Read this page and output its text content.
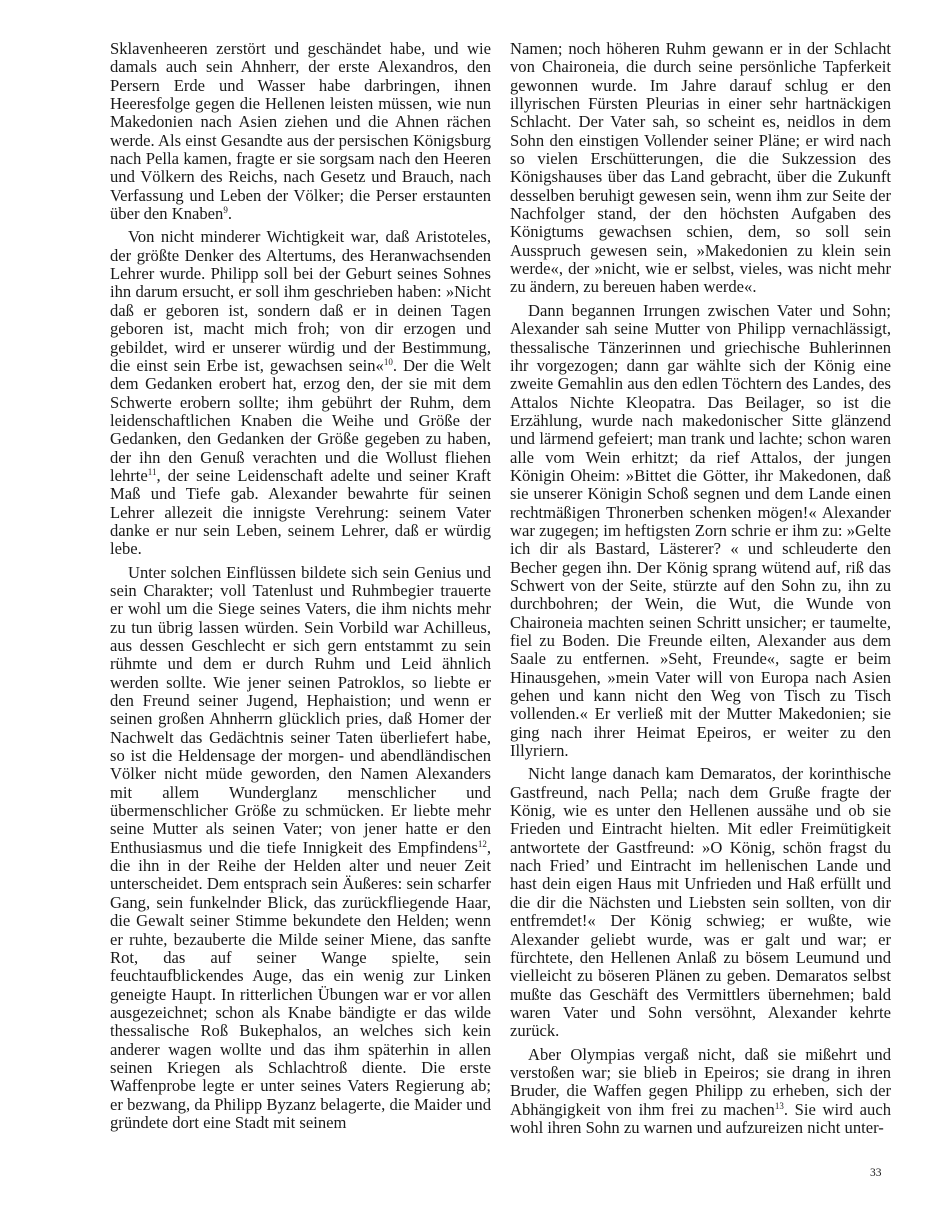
Sklavenheeren zerstört und geschändet habe, und wie damals auch sein Ahnherr, der erste Alexandros, den Persern Erde und Wasser habe darbringen, ihnen Heeresfolge gegen die Hellenen leisten müssen, wie nun Makedonien nach Asien ziehen und die Ahnen rächen werde. Als einst Gesandte aus der persischen Königsburg nach Pella kamen, fragte er sie sorgsam nach den Heeren und Völkern des Reichs, nach Gesetz und Brauch, nach Verfassung und Leben der Völker; die Perser erstaunten über den Knaben$^9$.

Von nicht minderer Wichtigkeit war, daß Aristoteles, der größte Denker des Altertums, des Heranwachsenden Lehrer wurde. Philipp soll bei der Geburt seines Sohnes ihn darum ersucht, er soll ihm geschrieben haben: »Nicht daß er geboren ist, sondern daß er in deinen Tagen geboren ist, macht mich froh; von dir erzogen und gebildet, wird er unserer würdig und der Bestimmung, die einst sein Erbe ist, gewachsen sein«$^{10}$. Der die Welt dem Gedanken erobert hat, erzog den, der sie mit dem Schwerte erobern sollte; ihm gebührt der Ruhm, dem leidenschaftlichen Knaben die Weihe und Größe der Gedanken, den Gedanken der Größe gegeben zu haben, der ihn den Genuß verachten und die Wollust fliehen lehrte$^{11}$, der seine Leidenschaft adelte und seiner Kraft Maß und Tiefe gab. Alexander bewahrte für seinen Lehrer allezeit die innigste Verehrung: seinem Vater danke er nur sein Leben, seinem Lehrer, daß er würdig lebe.

Unter solchen Einflüssen bildete sich sein Genius und sein Charakter; voll Tatenlust und Ruhmbegier trauerte er wohl um die Siege seines Vaters, die ihm nichts mehr zu tun übrig lassen würden. Sein Vorbild war Achilleus, aus dessen Geschlecht er sich gern entstammt zu sein rühmte und dem er durch Ruhm und Leid ähnlich werden sollte. Wie jener seinen Patroklos, so liebte er den Freund seiner Jugend, Hephaistion; und wenn er seinen großen Ahnherrn glücklich pries, daß Homer der Nachwelt das Gedächtnis seiner Taten überliefert habe, so ist die Heldensage der morgen- und abendländischen Völker nicht müde geworden, den Namen Alexanders mit allem Wunderglanz menschlicher und übermenschlicher Größe zu schmücken. Er liebte mehr seine Mutter als seinen Vater; von jener hatte er den Enthusiasmus und die tiefe Innigkeit des Empfindens$^{12}$, die ihn in der Reihe der Helden alter und neuer Zeit unterscheidet. Dem entsprach sein Äußeres: sein scharfer Gang, sein funkelnder Blick, das zurückfliegende Haar, die Gewalt seiner Stimme bekundete den Helden; wenn er ruhte, bezauberte die Milde seiner Miene, das sanfte Rot, das auf seiner Wange spielte, sein feuchtaufblickendes Auge, das ein wenig zur Linken geneigte Haupt. In ritterlichen Übungen war er vor allen ausgezeichnet; schon als Knabe bändigte er das wilde thessalische Roß Bukephalos, an welches sich kein anderer wagen wollte und das ihm späterhin in allen seinen Kriegen als Schlachtroß diente. Die erste Waffenprobe legte er unter seines Vaters Regierung ab; er bezwang, da Philipp Byzanz belagerte, die Maider und gründete dort eine Stadt mit seinem

Namen; noch höheren Ruhm gewann er in der Schlacht von Chaironeia, die durch seine persönliche Tapferkeit gewonnen wurde. Im Jahre darauf schlug er den illyrischen Fürsten Pleurias in einer sehr hartnäckigen Schlacht. Der Vater sah, so scheint es, neidlos in dem Sohn den einstigen Vollender seiner Pläne; er wird nach so vielen Erschütterungen, die die Sukzession des Königshauses über das Land gebracht, über die Zukunft desselben beruhigt gewesen sein, wenn ihm zur Seite der Nachfolger stand, der den höchsten Aufgaben des Königtums gewachsen schien, dem, so soll sein Ausspruch gewesen sein, »Makedonien zu klein sein werde«, der »nicht, wie er selbst, vieles, was nicht mehr zu ändern, zu bereuen haben werde«.

Dann begannen Irrungen zwischen Vater und Sohn; Alexander sah seine Mutter von Philipp vernachlässigt, thessalische Tänzerinnen und griechische Buhlerinnen ihr vorgezogen; dann gar wählte sich der König eine zweite Gemahlin aus den edlen Töchtern des Landes, des Attalos Nichte Kleopatra. Das Beilager, so ist die Erzählung, wurde nach makedonischer Sitte glänzend und lärmend gefeiert; man trank und lachte; schon waren alle vom Wein erhitzt; da rief Attalos, der jungen Königin Oheim: »Bittet die Götter, ihr Makedonen, daß sie unserer Königin Schoß segnen und dem Lande einen rechtmäßigen Thronerben schenken mögen!« Alexander war zugegen; im heftigsten Zorn schrie er ihm zu: »Gelte ich dir als Bastard, Lästerer? « und schleuderte den Becher gegen ihn. Der König sprang wütend auf, riß das Schwert von der Seite, stürzte auf den Sohn zu, ihn zu durchbohren; der Wein, die Wut, die Wunde von Chaironeia machten seinen Schritt unsicher; er taumelte, fiel zu Boden. Die Freunde eilten, Alexander aus dem Saale zu entfernen. »Seht, Freunde«, sagte er beim Hinausgehen, »mein Vater will von Europa nach Asien gehen und kann nicht den Weg von Tisch zu Tisch vollenden.« Er verließ mit der Mutter Makedonien; sie ging nach ihrer Heimat Epeiros, er weiter zu den Illyriern.

Nicht lange danach kam Demaratos, der korinthische Gastfreund, nach Pella; nach dem Gruße fragte der König, wie es unter den Hellenen aussähe und ob sie Frieden und Eintracht hielten. Mit edler Freimütigkeit antwortete der Gastfreund: »O König, schön fragst du nach Fried’ und Eintracht im hellenischen Lande und hast dein eigen Haus mit Unfrieden und Haß erfüllt und die dir die Nächsten und Liebsten sein sollten, von dir entfremdet!« Der König schwieg; er wußte, wie Alexander geliebt wurde, was er galt und war; er fürchtete, den Hellenen Anlaß zu bösem Leumund und vielleicht zu böseren Plänen zu geben. Demaratos selbst mußte das Geschäft des Vermittlers übernehmen; bald waren Vater und Sohn versöhnt, Alexander kehrte zurück.

Aber Olympias vergaß nicht, daß sie mißehrt und verstoßen war; sie blieb in Epeiros; sie drang in ihren Bruder, die Waffen gegen Philipp zu erheben, sich der Abhängigkeit von ihm frei zu machen$^{13}$. Sie wird auch wohl ihren Sohn zu warnen und aufzureizen nicht unter-

33
